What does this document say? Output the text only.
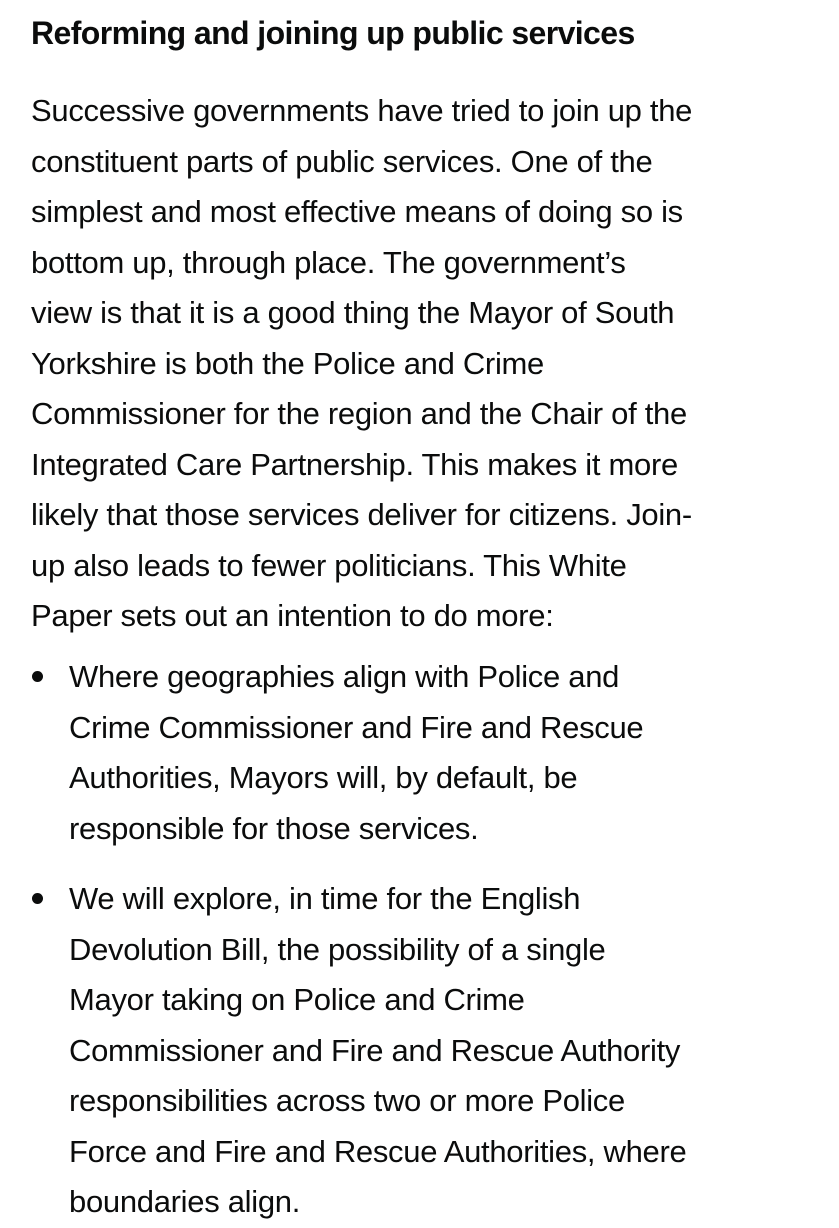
Reforming and joining up public services
Successive governments have tried to join up the
constituent parts of public services. One of the
simplest and most effective means of doing so is
bottom up, through place. The government’s
view is that it is a good thing the Mayor of South
Yorkshire is both the Police and Crime
Commissioner for the region and the Chair of the
Integrated Care Partnership. This makes it more
likely that those services deliver for citizens. Join-
up also leads to fewer politicians. This White
Paper sets out an intention to do more:
Where geographies align with Police and
Crime Commissioner and Fire and Rescue
Authorities, Mayors will, by default, be
responsible for those services.
We will explore, in time for the English
Devolution Bill, the possibility of a single
Mayor taking on Police and Crime
Commissioner and Fire and Rescue Authority
responsibilities across two or more Police
Force and Fire and Rescue Authorities, where
boundaries align.
